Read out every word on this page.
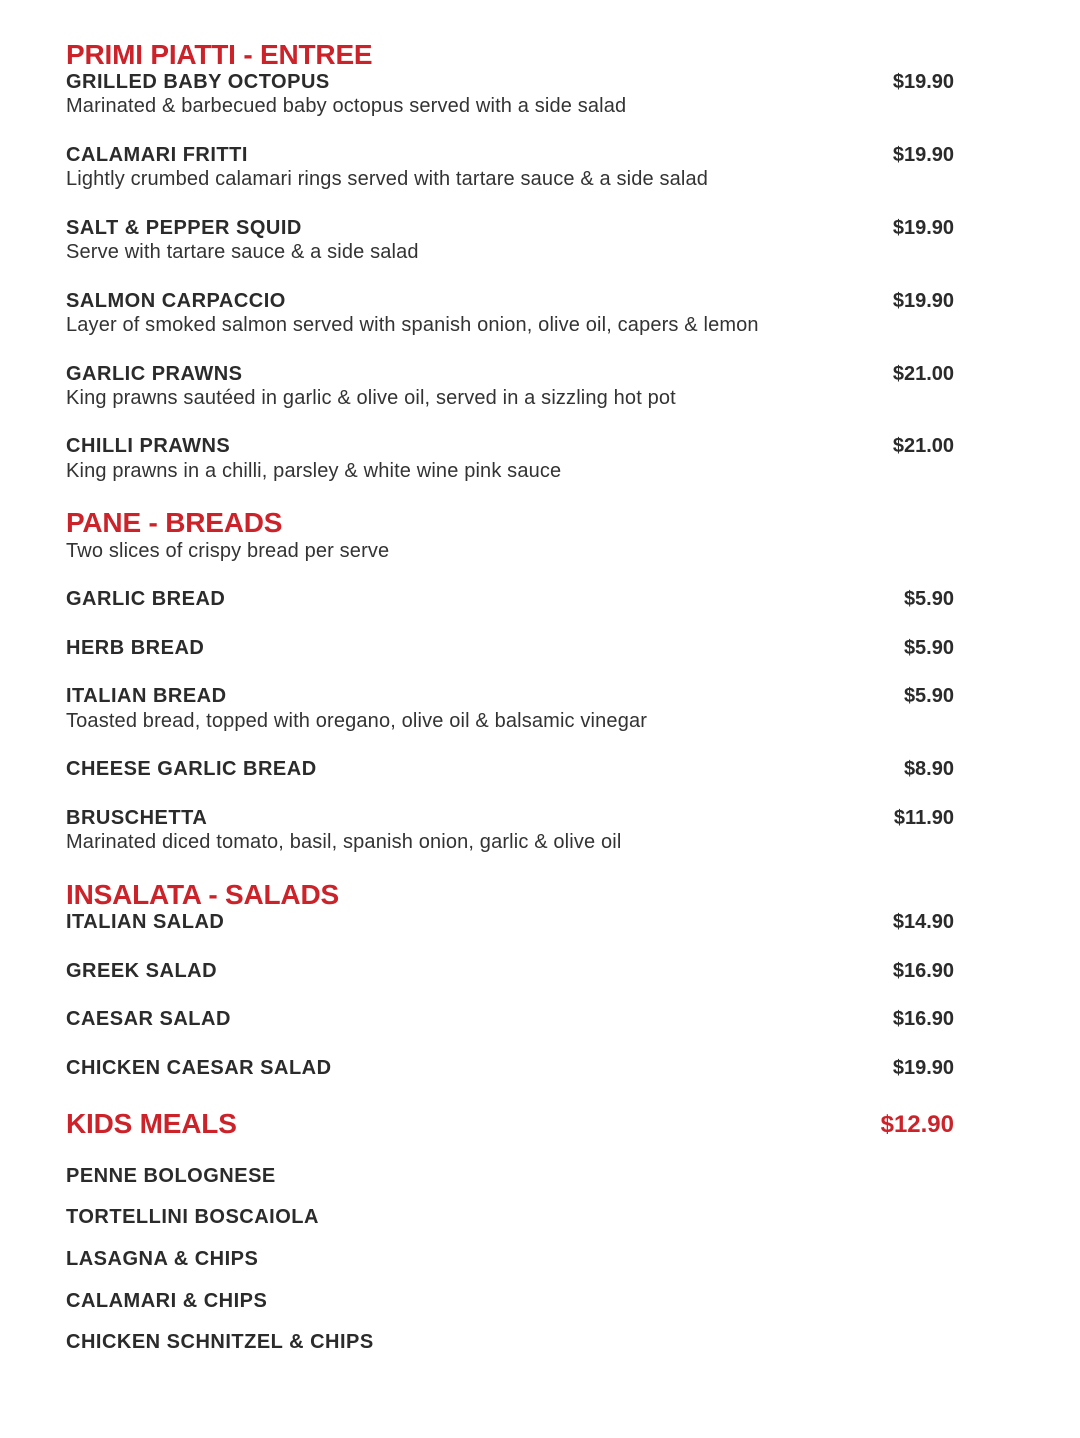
PRIMI PIATTI - ENTREE
GRILLED BABY OCTOPUS	$19.90
Marinated & barbecued baby octopus served with a side salad
CALAMARI FRITTI	$19.90
Lightly crumbed calamari rings served with tartare sauce & a side salad
SALT & PEPPER SQUID	$19.90
Serve with tartare sauce & a side salad
SALMON CARPACCIO	$19.90
Layer of smoked salmon served with spanish onion, olive oil, capers & lemon
GARLIC PRAWNS	$21.00
King prawns sautéed in garlic & olive oil, served in a sizzling hot pot
CHILLI PRAWNS	$21.00
King prawns in a chilli, parsley & white wine pink sauce
PANE - BREADS
Two slices of crispy bread per serve
GARLIC BREAD	$5.90
HERB BREAD	$5.90
ITALIAN BREAD	$5.90
Toasted bread, topped with oregano, olive oil & balsamic vinegar
CHEESE GARLIC BREAD	$8.90
BRUSCHETTA	$11.90
Marinated diced tomato, basil, spanish onion, garlic & olive oil
INSALATA - SALADS
ITALIAN SALAD	$14.90
GREEK SALAD	$16.90
CAESAR SALAD	$16.90
CHICKEN CAESAR SALAD	$19.90
KIDS MEALS	$12.90
PENNE BOLOGNESE
TORTELLINI BOSCAIOLA
LASAGNA & CHIPS
CALAMARI & CHIPS
CHICKEN SCHNITZEL & CHIPS
